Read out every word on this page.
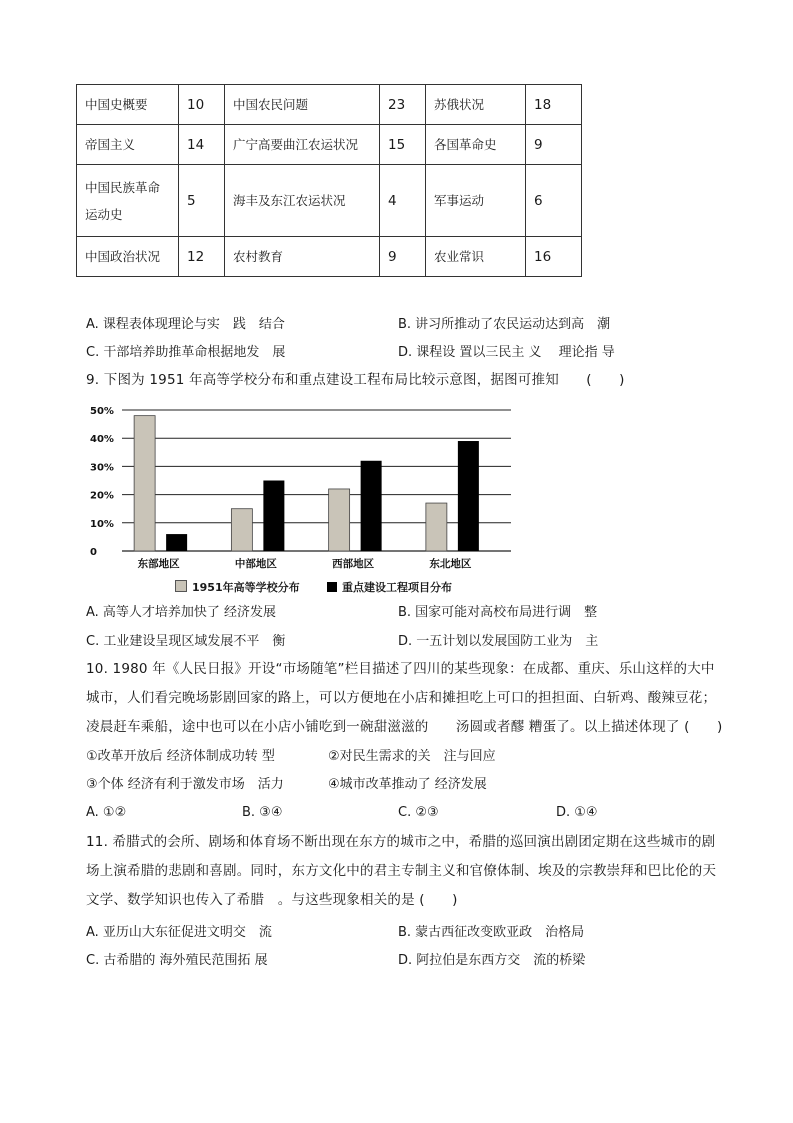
中国史概要	10	中国农民问题	23	苏俄状况	18
帝国主义	14	广宁高要曲江农运状况	15	各国革命史	9
中国民族革命运动史	5	海丰及东江农运状况	4	军事运动	6
中国政治状况	12	农村教育	9	农业常识	16
A. 课程表体现理论与实　践　结合	B. 讲习所推动了农民运动达到高　潮
C. 干部培养助推革命根据地发　展	D. 课程设 置以三民主 义　 理论指 导
9. 下图为 1951 年高等学校分布和重点建设工程布局比较示意图，据图可推知　　(　　)
0
10%
20%
30%
40%
50%
东部地区	中部地区	西部地区	东北地区
1951年高等学校分布	重点建设工程项目分布
A. 高等人才培养加快了 经济发展	B. 国家可能对高校布局进行调　整
C. 工业建设呈现区域发展不平　衡	D. 一五计划以发展国防工业为　主
10. 1980 年《人民日报》开设“市场随笔”栏目描述了四川的某些现象：在成都、重庆、乐山这样的大中城市，人们看完晚场影剧回家的路上，可以方便地在小店和摊担吃上可口的担担面、白斩鸡、酸辣豆花；凌晨赶车乘船，途中也可以在小店小铺吃到一碗甜滋滋的　　汤圆或者醪 糟蛋了。以上描述体现了 (　　)
①改革开放后 经济体制成功转 型	②对民生需求的关　注与回应
③个体 经济有利于激发市场　活力	④城市改革推动了 经济发展
A. ①②	B. ③④	C. ②③	D. ①④
11. 希腊式的会所、剧场和体育场不断出现在东方的城市之中，希腊的巡回演出剧团定期在这些城市的剧场上演希腊的悲剧和喜剧。同时，东方文化中的君主专制主义和官僚体制、埃及的宗教崇拜和巴比伦的天文学、数学知识也传入了希腊　。与这些现象相关的是 (　　)
A. 亚历山大东征促进文明交　流	B. 蒙古西征改变欧亚政　治格局
C. 古希腊的 海外殖民范围拓 展	D. 阿拉伯是东西方交　流的桥梁
